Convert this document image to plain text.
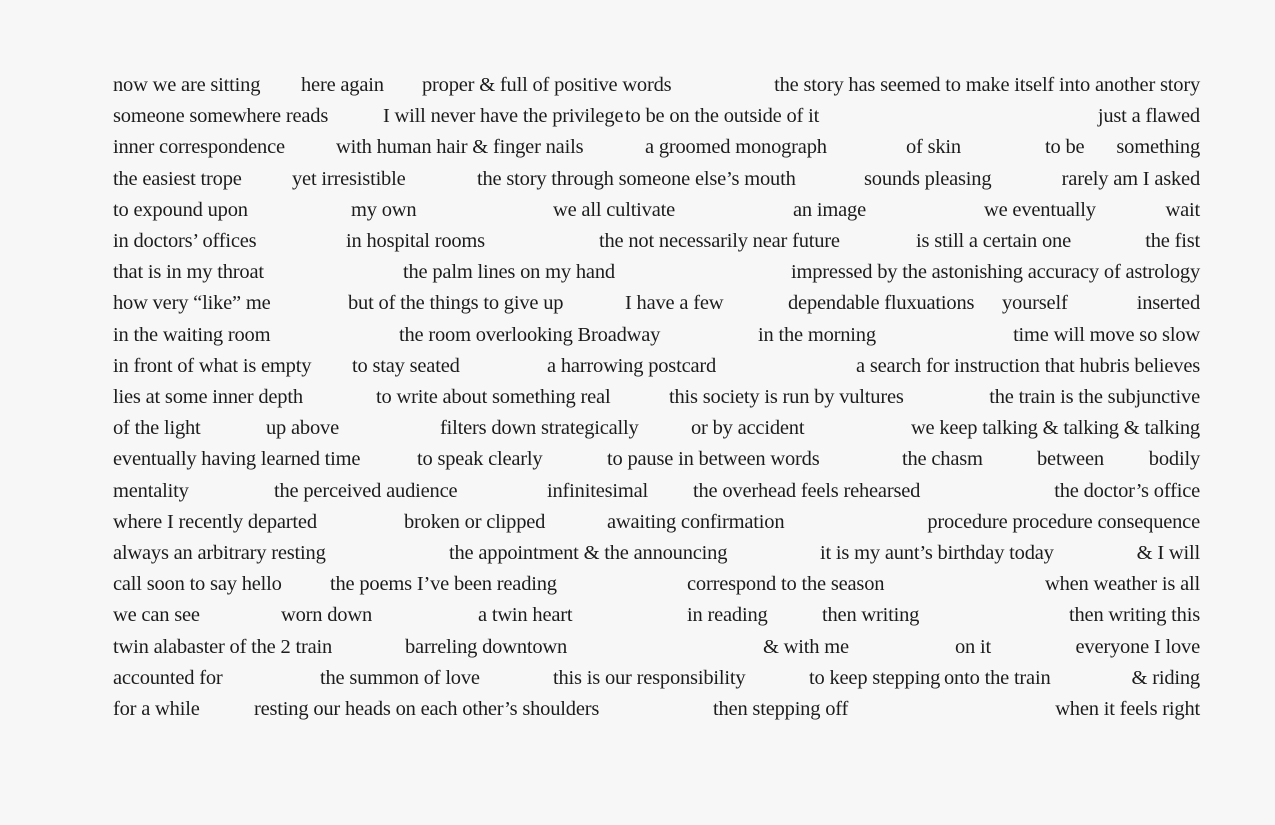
now we are sitting here again proper & full of positive words	the story has seemed to make itself into another story
someone somewhere reads	I will never have the privilege to be on the outside of it	just a flawed
inner correspondence with human hair & finger nails	a groomed monograph	of skin	to be something
the easiest trope yet irresistible	the story through someone else’s mouth	sounds pleasing	rarely am I asked
to expound upon	my own	we all cultivate	an image	we eventually	wait
in doctors’ offices	in hospital rooms	the not necessarily near future	is still a certain one	the fist
that is in my throat	the palm lines on my hand	impressed by the astonishing accuracy of astrology
how very “like” me	but of the things to give up	I have a few	dependable fluxuations yourself	inserted
in the waiting room	the room overlooking Broadway	in the morning	time will move so slow
in front of what is empty to stay seated	a harrowing postcard	a search for instruction that hubris believes
lies at some inner depth	to write about something real	this society is run by vultures	the train is the subjunctive
of the light	up above	filters down strategically	or by accident	we keep talking & talking & talking
eventually having learned time	to speak clearly	to pause in between words	the chasm	between bodily
mentality	the perceived audience	infinitesimal the overhead feels rehearsed	the doctor’s office
where I recently departed	broken or clipped	awaiting confirmation	procedure procedure consequence
always an arbitrary resting	the appointment & the announcing	it is my aunt’s birthday today	& I will
call soon to say hello the poems I’ve been reading	correspond to the season	when weather is all
we can see	worn down	a twin heart	in reading	then writing	then writing this
twin alabaster of the 2 train	barreling downtown	& with me	on it	everyone I love
accounted for	the summon of love	this is our responsibility	to keep stepping onto the train	& riding
for a while	resting our heads on each other’s shoulders	then stepping off	when it feels right
